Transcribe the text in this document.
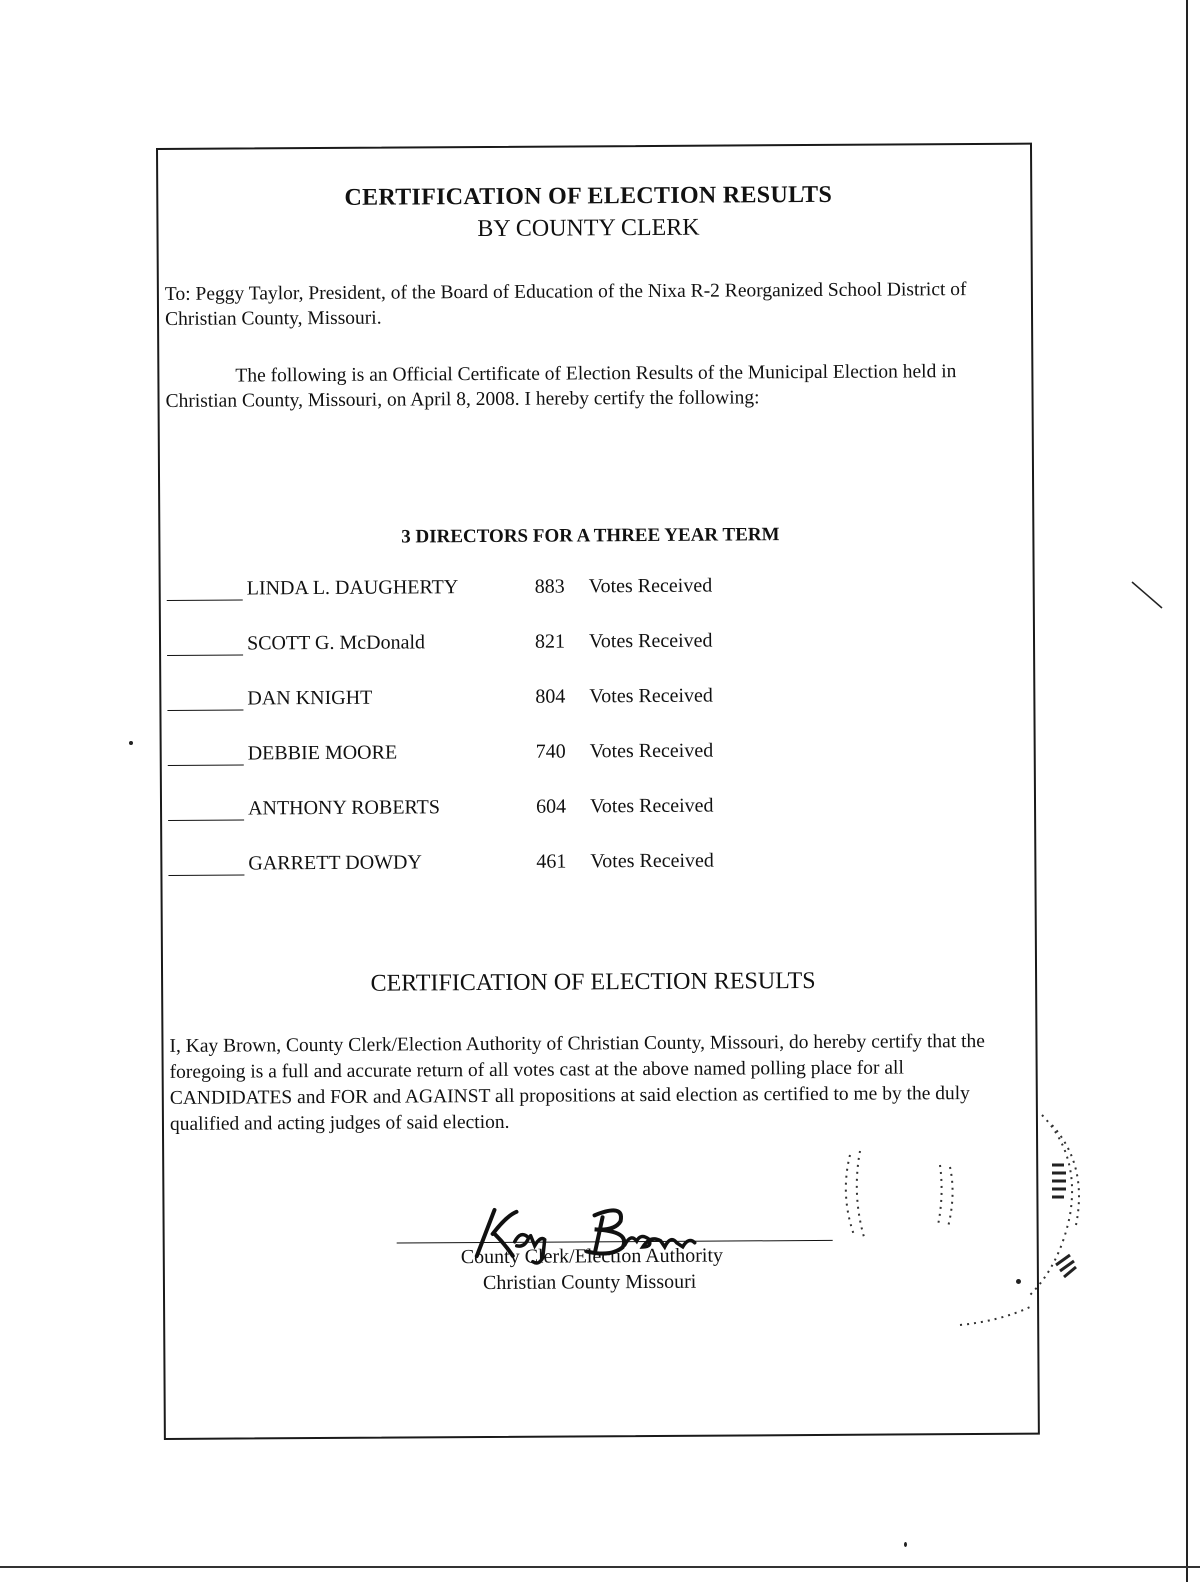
CERTIFICATION OF ELECTION RESULTS
BY COUNTY CLERK
To: Peggy Taylor, President, of the Board of Education of the Nixa R-2 Reorganized School District of Christian County, Missouri.
The following is an Official Certificate of Election Results of the Municipal Election held in Christian County, Missouri, on April 8, 2008. I hereby certify the following:
3 DIRECTORS FOR A THREE YEAR TERM
LINDA L. DAUGHERTY	883 Votes Received
SCOTT G. McDonald	821 Votes Received
DAN KNIGHT	804 Votes Received
DEBBIE MOORE	740 Votes Received
ANTHONY ROBERTS	604 Votes Received
GARRETT DOWDY	461 Votes Received
CERTIFICATION OF ELECTION RESULTS
I, Kay Brown, County Clerk/Election Authority of Christian County, Missouri, do hereby certify that the foregoing is a full and accurate return of all votes cast at the above named polling place for all CANDIDATES and FOR and AGAINST all propositions at said election as certified to me by the duly qualified and acting judges of said election.
County Clerk/Election Authority
Christian County Missouri
